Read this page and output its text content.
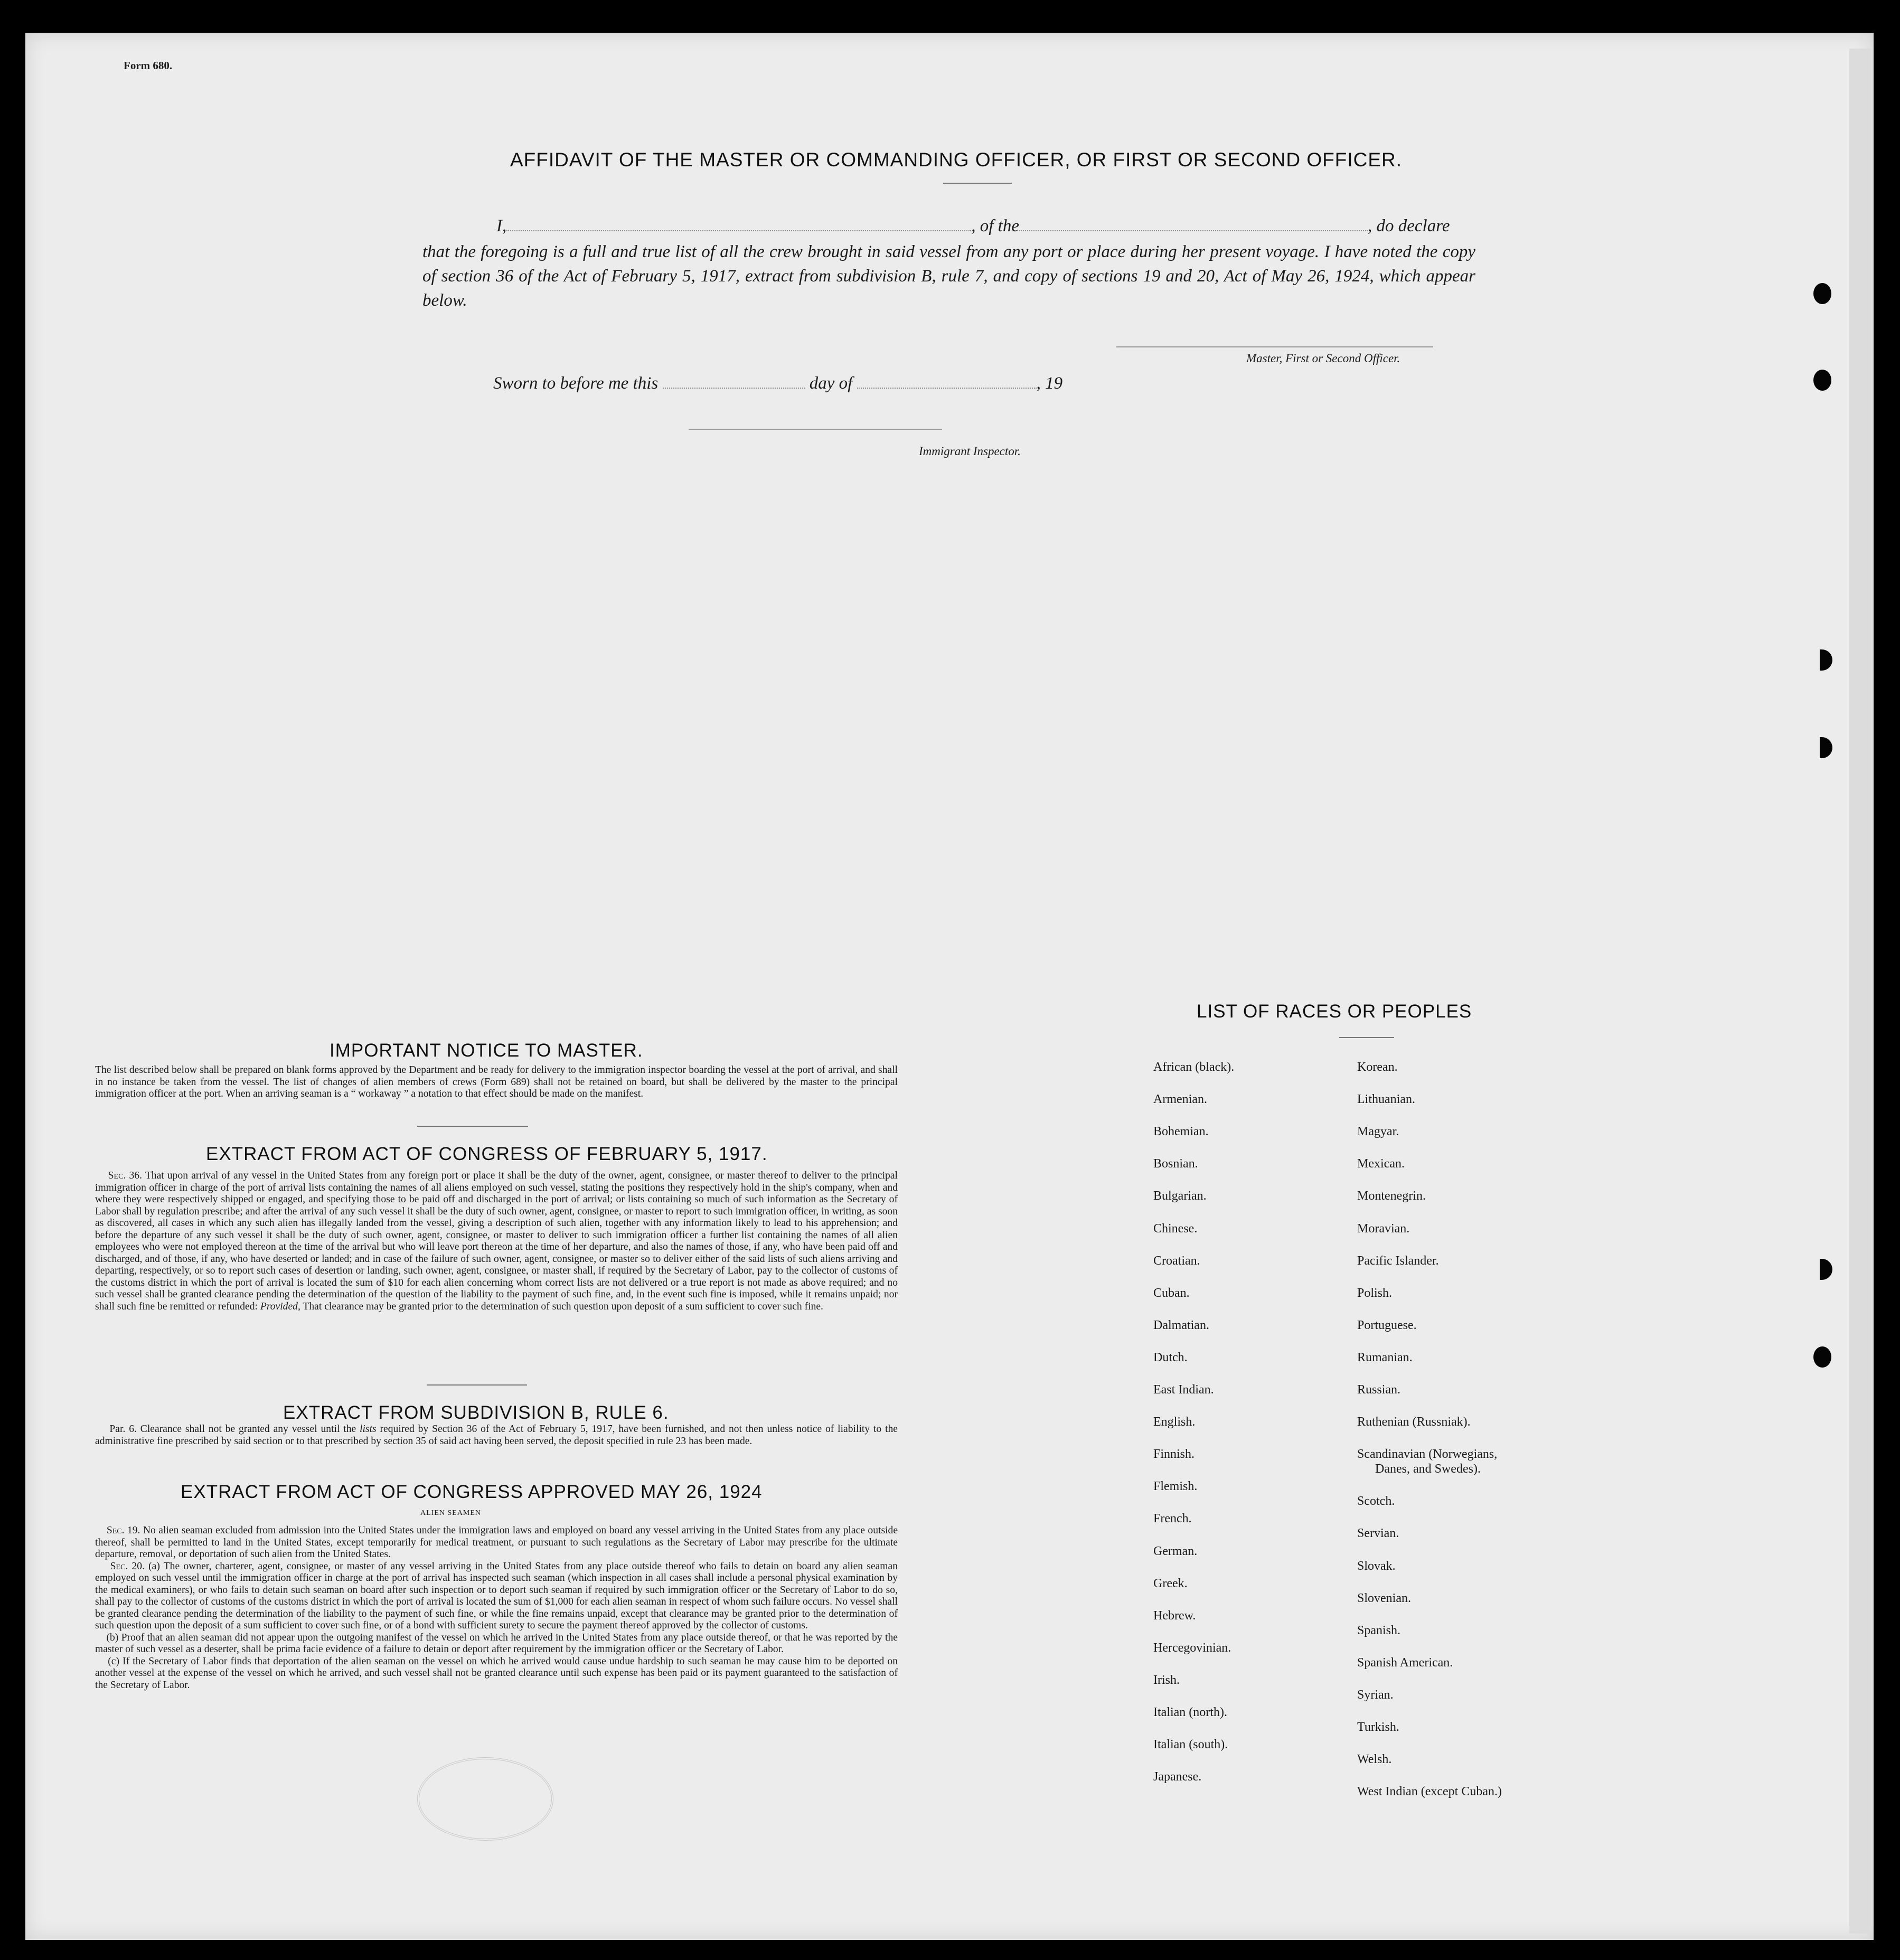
Form 680.
AFFIDAVIT OF THE MASTER OR COMMANDING OFFICER, OR FIRST OR SECOND OFFICER.
I,	, of the	, do declare
that the foregoing is a full and true list of all the crew brought in said vessel from any port or place during her present voyage. I have noted the copy of section 36 of the Act of February 5, 1917, extract from subdivision B, rule 7, and copy of sections 19 and 20, Act of May 26, 1924, which appear below.
Master, First or Second Officer.
Sworn to before me this	day of	, 19
Immigrant Inspector.
IMPORTANT NOTICE TO MASTER.
The list described below shall be prepared on blank forms approved by the Department and be ready for delivery to the immigration inspector boarding the vessel at the port of arrival, and shall in no instance be taken from the vessel. The list of changes of alien members of crews (Form 689) shall not be retained on board, but shall be delivered by the master to the principal immigration officer at the port. When an arriving seaman is a “ workaway ” a notation to that effect should be made on the manifest.
EXTRACT FROM ACT OF CONGRESS OF FEBRUARY 5, 1917.
Sec. 36. That upon arrival of any vessel in the United States from any foreign port or place it shall be the duty of the owner, agent, consignee, or master thereof to deliver to the principal immigration officer in charge of the port of arrival lists containing the names of all aliens employed on such vessel, stating the positions they respectively hold in the ship's company, when and where they were respectively shipped or engaged, and specifying those to be paid off and discharged in the port of arrival; or lists containing so much of such information as the Secretary of Labor shall by regulation prescribe; and after the arrival of any such vessel it shall be the duty of such owner, agent, consignee, or master to report to such immigration officer, in writing, as soon as discovered, all cases in which any such alien has illegally landed from the vessel, giving a description of such alien, together with any information likely to lead to his apprehension; and before the departure of any such vessel it shall be the duty of such owner, agent, consignee, or master to deliver to such immigration officer a further list containing the names of all alien employees who were not employed thereon at the time of the arrival but who will leave port thereon at the time of her departure, and also the names of those, if any, who have been paid off and discharged, and of those, if any, who have deserted or landed; and in case of the failure of such owner, agent, consignee, or master so to deliver either of the said lists of such aliens arriving and departing, respectively, or so to report such cases of desertion or landing, such owner, agent, consignee, or master shall, if required by the Secretary of Labor, pay to the collector of customs of the customs district in which the port of arrival is located the sum of $10 for each alien concerning whom correct lists are not delivered or a true report is not made as above required; and no such vessel shall be granted clearance pending the determination of the question of the liability to the payment of such fine, and, in the event such fine is imposed, while it remains unpaid; nor shall such fine be remitted or refunded: Provided, That clearance may be granted prior to the determination of such question upon deposit of a sum sufficient to cover such fine.
EXTRACT FROM SUBDIVISION B, RULE 6.
Par. 6. Clearance shall not be granted any vessel until the lists required by Section 36 of the Act of February 5, 1917, have been furnished, and not then unless notice of liability to the administrative fine prescribed by said section or to that prescribed by section 35 of said act having been served, the deposit specified in rule 23 has been made.
EXTRACT FROM ACT OF CONGRESS APPROVED MAY 26, 1924
ALIEN SEAMEN
Sec. 19. No alien seaman excluded from admission into the United States under the immigration laws and employed on board any vessel arriving in the United States from any place outside thereof, shall be permitted to land in the United States, except temporarily for medical treatment, or pursuant to such regulations as the Secretary of Labor may prescribe for the ultimate departure, removal, or deportation of such alien from the United States.
Sec. 20. (a) The owner, charterer, agent, consignee, or master of any vessel arriving in the United States from any place outside thereof who fails to detain on board any alien seaman employed on such vessel until the immigration officer in charge at the port of arrival has inspected such seaman (which inspection in all cases shall include a personal physical examination by the medical examiners), or who fails to detain such seaman on board after such inspection or to deport such seaman if required by such immigration officer or the Secretary of Labor to do so, shall pay to the collector of customs of the customs district in which the port of arrival is located the sum of $1,000 for each alien seaman in respect of whom such failure occurs. No vessel shall be granted clearance pending the determination of the liability to the payment of such fine, or while the fine remains unpaid, except that clearance may be granted prior to the determination of such question upon the deposit of a sum sufficient to cover such fine, or of a bond with sufficient surety to secure the payment thereof approved by the collector of customs.
(b) Proof that an alien seaman did not appear upon the outgoing manifest of the vessel on which he arrived in the United States from any place outside thereof, or that he was reported by the master of such vessel as a deserter, shall be prima facie evidence of a failure to detain or deport after requirement by the immigration officer or the Secretary of Labor.
(c) If the Secretary of Labor finds that deportation of the alien seaman on the vessel on which he arrived would cause undue hardship to such seaman he may cause him to be deported on another vessel at the expense of the vessel on which he arrived, and such vessel shall not be granted clearance until such expense has been paid or its payment guaranteed to the satisfaction of the Secretary of Labor.
LIST OF RACES OR PEOPLES
African (black).
Armenian.
Bohemian.
Bosnian.
Bulgarian.
Chinese.
Croatian.
Cuban.
Dalmatian.
Dutch.
East Indian.
English.
Finnish.
Flemish.
French.
German.
Greek.
Hebrew.
Hercegovinian.
Irish.
Italian (north).
Italian (south).
Japanese.
Korean.
Lithuanian.
Magyar.
Mexican.
Montenegrin.
Moravian.
Pacific Islander.
Polish.
Portuguese.
Rumanian.
Russian.
Ruthenian (Russniak).
Scandinavian (Norwegians,
Danes, and Swedes).
Scotch.
Servian.
Slovak.
Slovenian.
Spanish.
Spanish American.
Syrian.
Turkish.
Welsh.
West Indian (except Cuban.)
